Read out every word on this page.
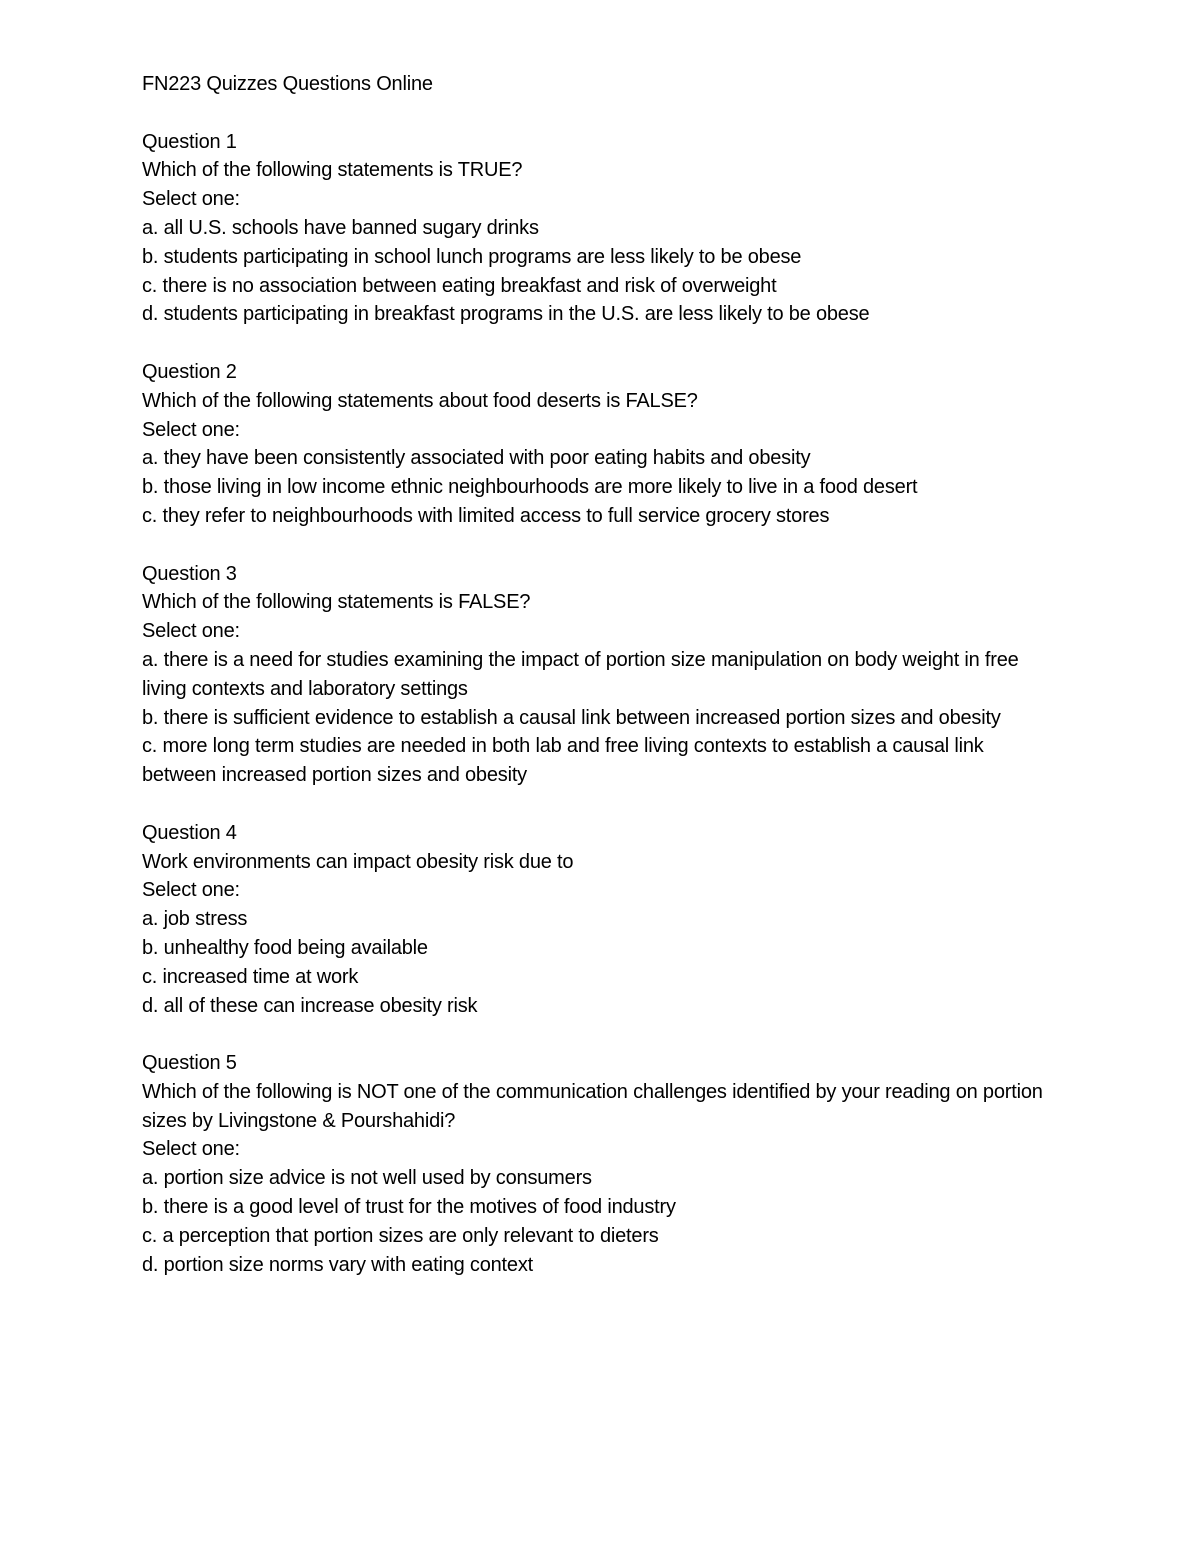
FN223 Quizzes Questions Online
Question 1
Which of the following statements is TRUE?
Select one:
a. all U.S. schools have banned sugary drinks
b. students participating in school lunch programs are less likely to be obese
c. there is no association between eating breakfast and risk of overweight
d. students participating in breakfast programs in the U.S. are less likely to be obese
Question 2
Which of the following statements about food deserts is FALSE?
Select one:
a. they have been consistently associated with poor eating habits and obesity
b. those living in low income ethnic neighbourhoods are more likely to live in a food desert
c. they refer to neighbourhoods with limited access to full service grocery stores
Question 3
Which of the following statements is FALSE?
Select one:
a. there is a need for studies examining the impact of portion size manipulation on body weight in free living contexts and laboratory settings
b. there is sufficient evidence to establish a causal link between increased portion sizes and obesity
c. more long term studies are needed in both lab and free living contexts to establish a causal link between increased portion sizes and obesity
Question 4
Work environments can impact obesity risk due to
Select one:
a. job stress
b. unhealthy food being available
c. increased time at work
d. all of these can increase obesity risk
Question 5
Which of the following is NOT one of the communication challenges identified by your reading on portion sizes by Livingstone & Pourshahidi?
Select one:
a. portion size advice is not well used by consumers
b. there is a good level of trust for the motives of food industry
c. a perception that portion sizes are only relevant to dieters
d. portion size norms vary with eating context
